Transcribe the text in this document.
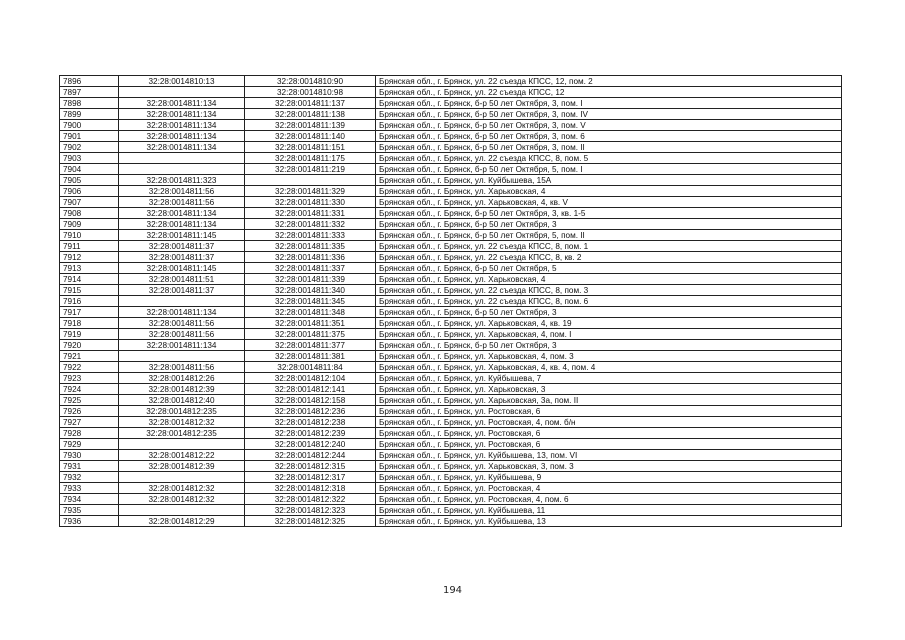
7896	32:28:0014810:13	32:28:0014810:90	Брянская обл., г. Брянск, ул. 22 съезда КПСС, 12, пом. 2
7897		32:28:0014810:98	Брянская обл., г. Брянск, ул. 22 съезда КПСС, 12
7898	32:28:0014811:134	32:28:0014811:137	Брянская обл., г. Брянск, б-р 50 лет Октября, 3, пом. I
7899	32:28:0014811:134	32:28:0014811:138	Брянская обл., г. Брянск, б-р 50 лет Октября, 3, пом. IV
7900	32:28:0014811:134	32:28:0014811:139	Брянская обл., г. Брянск, б-р 50 лет Октября, 3, пом. V
7901	32:28:0014811:134	32:28:0014811:140	Брянская обл., г. Брянск, б-р 50 лет Октября, 3, пом. 6
7902	32:28:0014811:134	32:28:0014811:151	Брянская обл., г. Брянск, б-р 50 лет Октября, 3, пом. II
7903		32:28:0014811:175	Брянская обл., г. Брянск, ул. 22 съезда КПСС, 8, пом. 5
7904		32:28:0014811:219	Брянская обл., г. Брянск, б-р 50 лет Октября, 5, пом. I
7905	32:28:0014811:323		Брянская обл., г. Брянск, ул. Куйбышева, 15А
7906	32:28:0014811:56	32:28:0014811:329	Брянская обл., г. Брянск, ул. Харьковская, 4
7907	32:28:0014811:56	32:28:0014811:330	Брянская обл., г. Брянск, ул. Харьковская, 4, кв. V
7908	32:28:0014811:134	32:28:0014811:331	Брянская обл., г. Брянск, б-р 50 лет Октября, 3, кв. 1-5
7909	32:28:0014811:134	32:28:0014811:332	Брянская обл., г. Брянск, б-р 50 лет Октября, 3
7910	32:28:0014811:145	32:28:0014811:333	Брянская обл., г. Брянск, б-р 50 лет Октября, 5, пом. II
7911	32:28:0014811:37	32:28:0014811:335	Брянская обл., г. Брянск, ул. 22 съезда КПСС, 8, пом. 1
7912	32:28:0014811:37	32:28:0014811:336	Брянская обл., г. Брянск, ул. 22 съезда КПСС, 8, кв. 2
7913	32:28:0014811:145	32:28:0014811:337	Брянская обл., г. Брянск, б-р 50 лет Октября, 5
7914	32:28:0014811:51	32:28:0014811:339	Брянская обл., г. Брянск, ул. Харьковская, 4
7915	32:28:0014811:37	32:28:0014811:340	Брянская обл., г. Брянск, ул. 22 съезда КПСС, 8, пом. 3
7916		32:28:0014811:345	Брянская обл., г. Брянск, ул. 22 съезда КПСС, 8, пом. 6
7917	32:28:0014811:134	32:28:0014811:348	Брянская обл., г. Брянск, б-р 50 лет Октября, 3
7918	32:28:0014811:56	32:28:0014811:351	Брянская обл., г. Брянск, ул. Харьковская, 4, кв. 19
7919	32:28:0014811:56	32:28:0014811:375	Брянская обл., г. Брянск, ул. Харьковская, 4, пом. I
7920	32:28:0014811:134	32:28:0014811:377	Брянская обл., г. Брянск, б-р 50 лет Октября, 3
7921		32:28:0014811:381	Брянская обл., г. Брянск, ул. Харьковская, 4, пом. 3
7922	32:28:0014811:56	32:28:0014811:84	Брянская обл., г. Брянск, ул. Харьковская, 4, кв. 4, пом. 4
7923	32:28:0014812:26	32:28:0014812:104	Брянская обл., г. Брянск, ул. Куйбышева, 7
7924	32:28:0014812:39	32:28:0014812:141	Брянская обл., г. Брянск, ул. Харьковская, 3
7925	32:28:0014812:40	32:28:0014812:158	Брянская обл., г. Брянск, ул. Харьковская, 3а, пом. II
7926	32:28:0014812:235	32:28:0014812:236	Брянская обл., г. Брянск, ул. Ростовская, 6
7927	32:28:0014812:32	32:28:0014812:238	Брянская обл., г. Брянск, ул. Ростовская, 4, пом. б/н
7928	32:28:0014812:235	32:28:0014812:239	Брянская обл., г. Брянск, ул. Ростовская, 6
7929		32:28:0014812:240	Брянская обл., г. Брянск, ул. Ростовская, 6
7930	32:28:0014812:22	32:28:0014812:244	Брянская обл., г. Брянск, ул. Куйбышева, 13, пом. VI
7931	32:28:0014812:39	32:28:0014812:315	Брянская обл., г. Брянск, ул. Харьковская, 3, пом. 3
7932		32:28:0014812:317	Брянская обл., г. Брянск, ул. Куйбышева, 9
7933	32:28:0014812:32	32:28:0014812:318	Брянская обл., г. Брянск, ул. Ростовская, 4
7934	32:28:0014812:32	32:28:0014812:322	Брянская обл., г. Брянск, ул. Ростовская, 4, пом. 6
7935		32:28:0014812:323	Брянская обл., г. Брянск, ул. Куйбышева, 11
7936	32:28:0014812:29	32:28:0014812:325	Брянская обл., г. Брянск, ул. Куйбышева, 13
194
